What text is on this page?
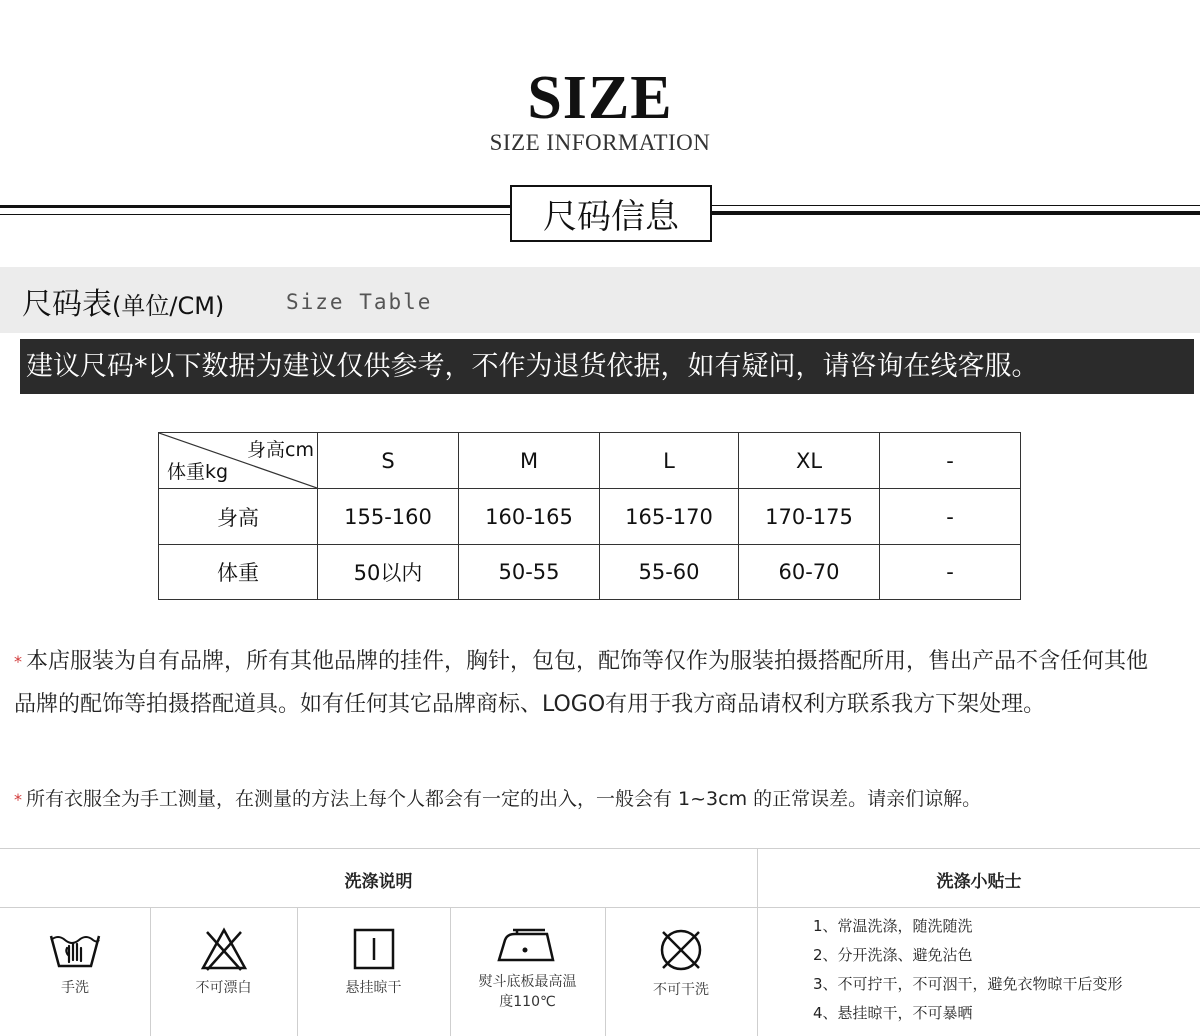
SIZE
SIZE INFORMATION
尺码信息
尺码表(单位/CM)	Size Table
建议尺码*以下数据为建议仅供参考，不作为退货依据，如有疑问，请咨询在线客服。
身高cm
体重kg	S	M	L	XL	-
身高	155-160	160-165	165-170	170-175	-
体重	50以内	50-55	55-60	60-70	-
* 本店服装为自有品牌，所有其他品牌的挂件，胸针，包包，配饰等仅作为服装拍摄搭配所用，售出产品不含任何其他品牌的配饰等拍摄搭配道具。如有任何其它品牌商标、LOGO有用于我方商品请权利方联系我方下架处理。
* 所有衣服全为手工测量，在测量的方法上每个人都会有一定的出入，一般会有 1~3cm 的正常误差。请亲们谅解。
洗涤说明	洗涤小贴士
手洗	不可漂白	悬挂晾干	熨斗底板最高温度110℃
不可干洗
1、常温洗涤，随洗随洗
2、分开洗涤、避免沾色
3、不可拧干，不可洇干，避免衣物晾干后变形
4、悬挂晾干，不可暴晒
